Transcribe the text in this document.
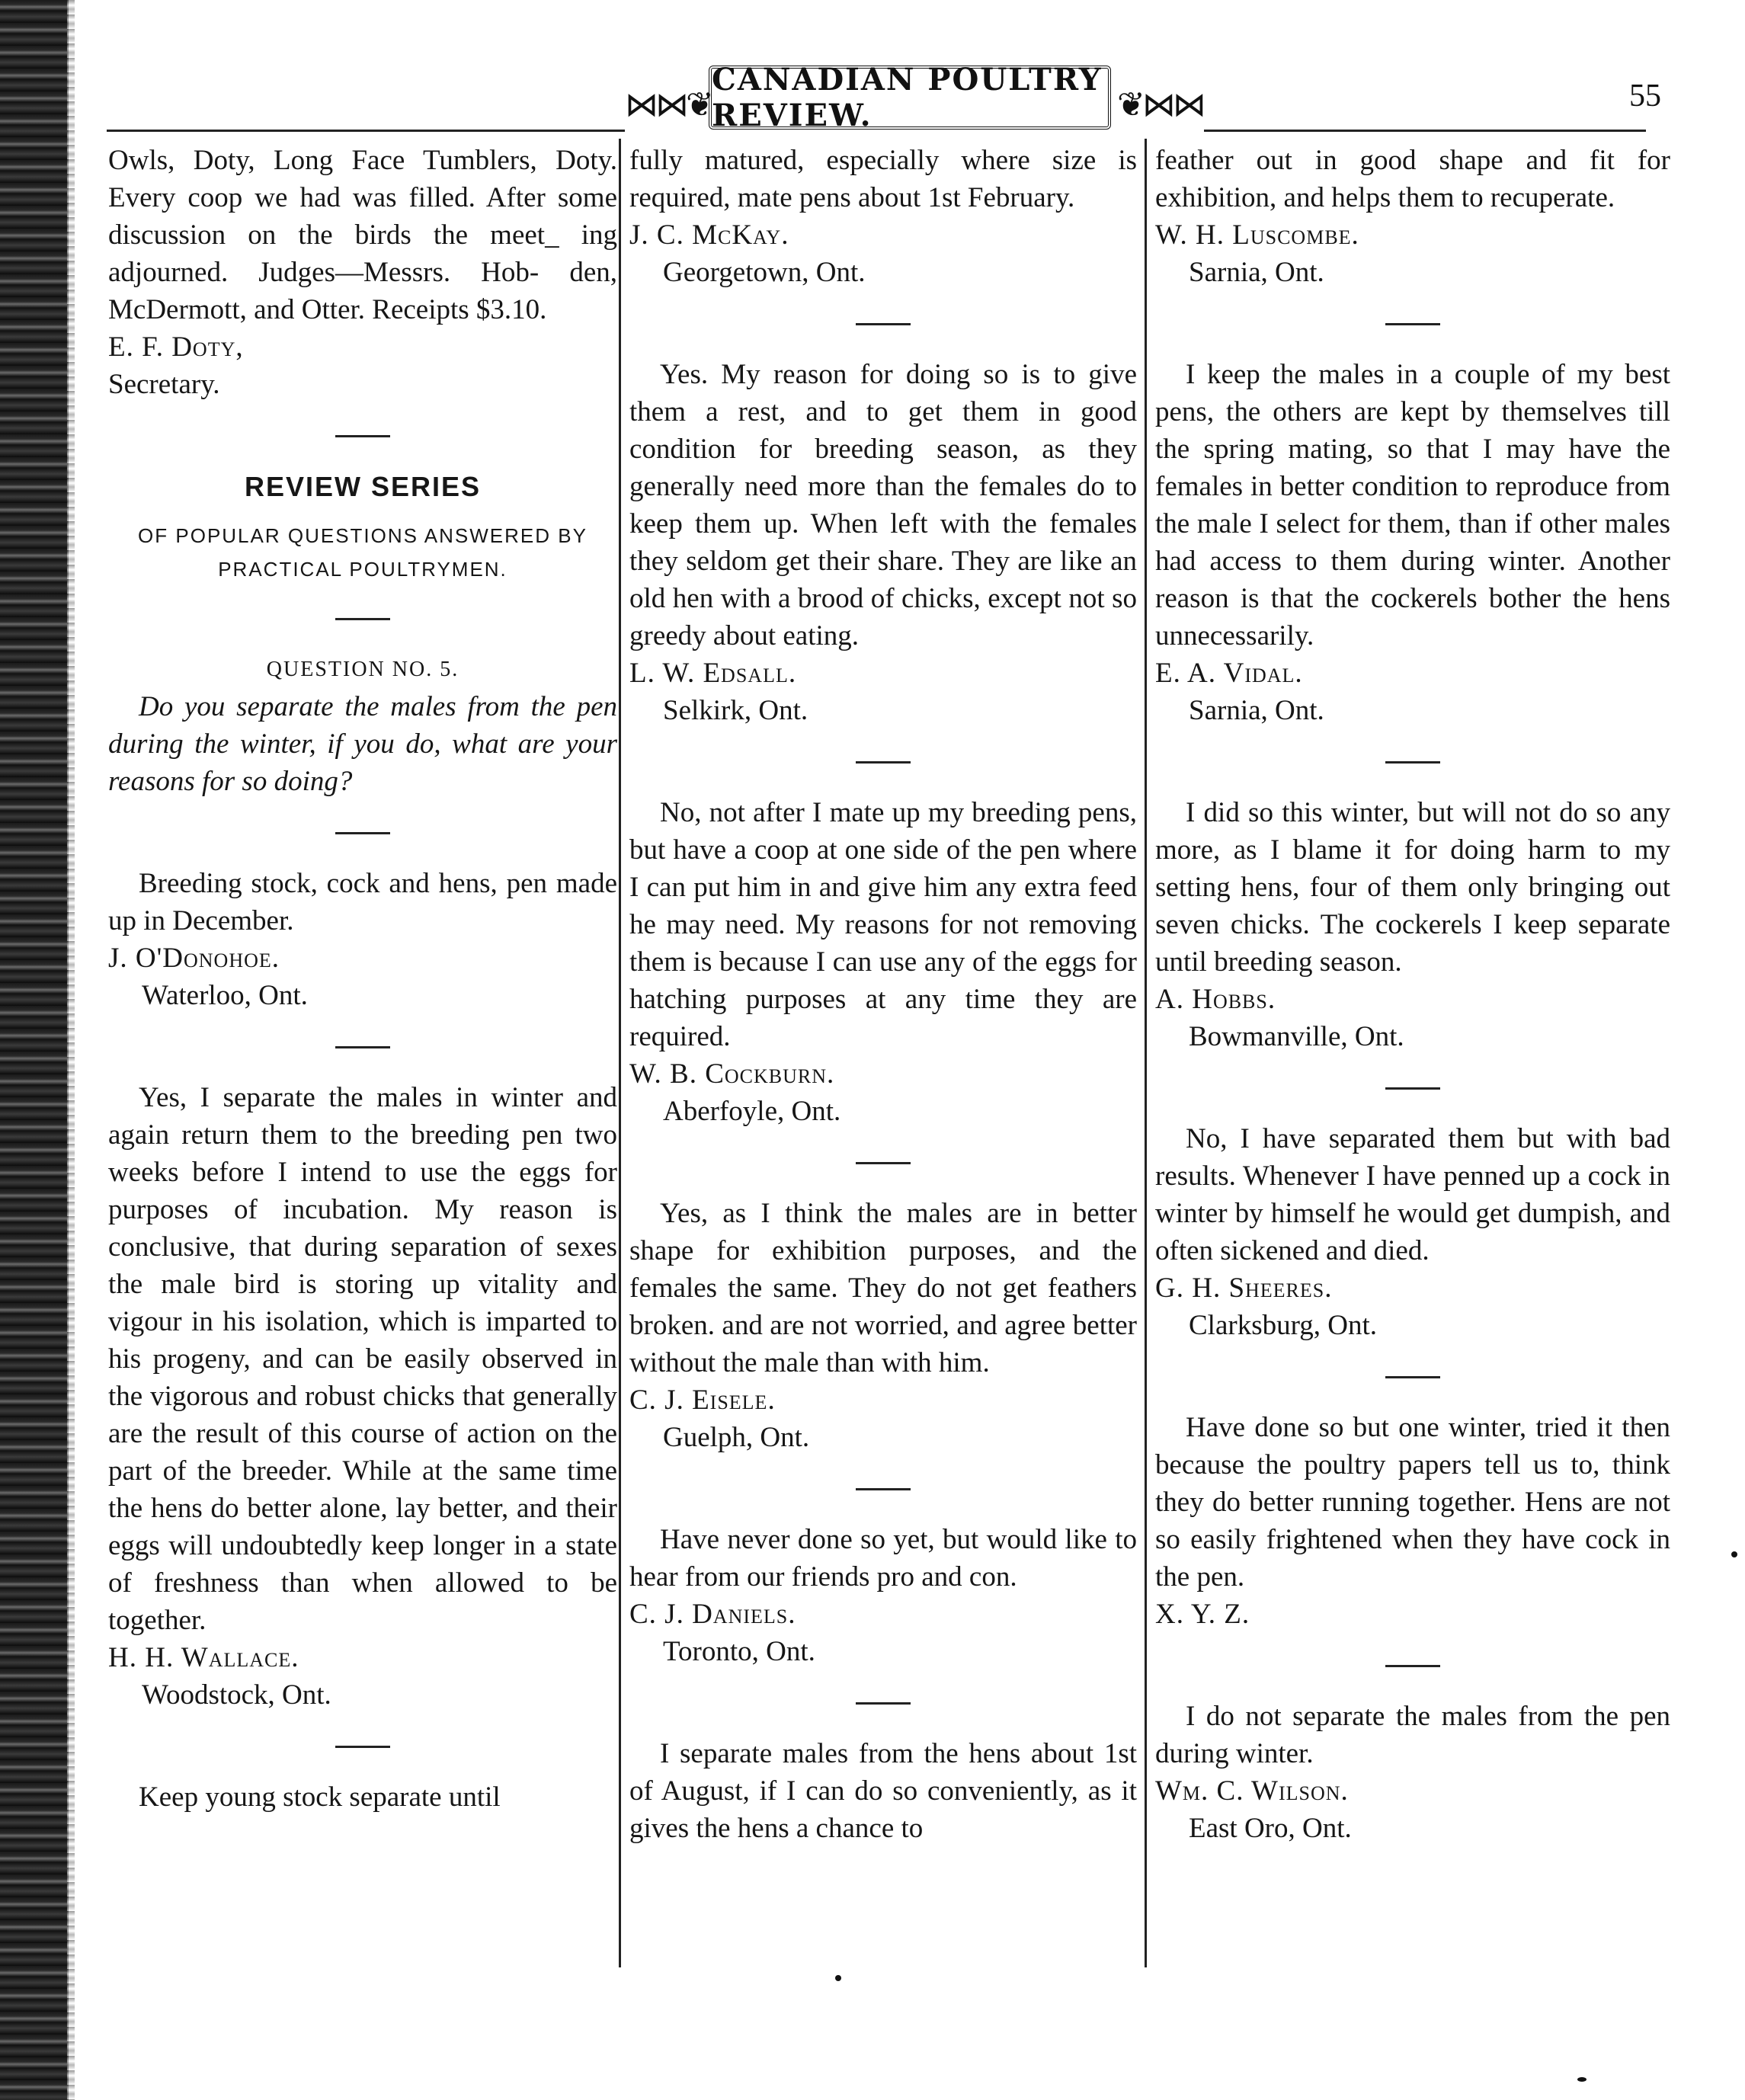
⋈⋈❦
CANADIAN POULTRY REVIEW.	❦⋈⋈	55

Owls, Doty, Long Face Tumblers, Doty. Every coop we had was filled. After some discussion on the birds the meet_ ing adjourned. Judges—Messrs. Hob- den, McDermott, and Otter. Receipts $3.10.

E. F. Doty,

Secretary.

REVIEW SERIES
OF POPULAR QUESTIONS ANSWERED BY
PRACTICAL POULTRYMEN.
QUESTION NO. 5.

Do you separate the males from the pen during the winter, if you do, what are your reasons for so doing?

Breeding stock, cock and hens, pen made up in December.

J. O'Donohoe.

Waterloo, Ont.

Yes, I separate the males in winter and again return them to the breeding pen two weeks before I intend to use the eggs for purposes of incubation. My reason is conclusive, that during separation of sexes the male bird is storing up vitality and vigour in his isolation, which is imparted to his progeny, and can be easily observed in the vigorous and robust chicks that generally are the result of this course of action on the part of the breeder. While at the same time the hens do better alone, lay better, and their eggs will undoubtedly keep longer in a state of freshness than when allowed to be together.

H. H. Wallace.

Woodstock, Ont.

Keep young stock separate until

fully matured, especially where size is required, mate pens about 1st February.

J. C. McKay.

Georgetown, Ont.

Yes. My reason for doing so is to give them a rest, and to get them in good condition for breeding season, as they generally need more than the females do to keep them up. When left with the females they seldom get their share. They are like an old hen with a brood of chicks, except not so greedy about eating.

L. W. Edsall.

Selkirk, Ont.

No, not after I mate up my breeding pens, but have a coop at one side of the pen where I can put him in and give him any extra feed he may need. My reasons for not removing them is because I can use any of the eggs for hatching purposes at any time they are required.

W. B. Cockburn.

Aberfoyle, Ont.

Yes, as I think the males are in better shape for exhibition purposes, and the females the same. They do not get feathers broken. and are not worried, and agree better without the male than with him.

C. J. Eisele.

Guelph, Ont.

Have never done so yet, but would like to hear from our friends pro and con.

C. J. Daniels.

Toronto, Ont.

I separate males from the hens about 1st of August, if I can do so conveniently, as it gives the hens a chance to

feather out in good shape and fit for exhibition, and helps them to recuperate.

W. H. Luscombe.

Sarnia, Ont.

I keep the males in a couple of my best pens, the others are kept by themselves till the spring mating, so that I may have the females in better condition to reproduce from the male I select for them, than if other males had access to them during winter. Another reason is that the cockerels bother the hens unnecessarily.

E. A. Vidal.

Sarnia, Ont.

I did so this winter, but will not do so any more, as I blame it for doing harm to my setting hens, four of them only bringing out seven chicks. The cockerels I keep separate until breeding season.

A. Hobbs.

Bowmanville, Ont.

No, I have separated them but with bad results. Whenever I have penned up a cock in winter by himself he would get dumpish, and often sickened and died.

G. H. Sheeres.

Clarksburg, Ont.

Have done so but one winter, tried it then because the poultry papers tell us to, think they do better running together. Hens are not so easily frightened when they have cock in the pen.

X. Y. Z.

I do not separate the males from the pen during winter.

Wm. C. Wilson.

East Oro, Ont.
